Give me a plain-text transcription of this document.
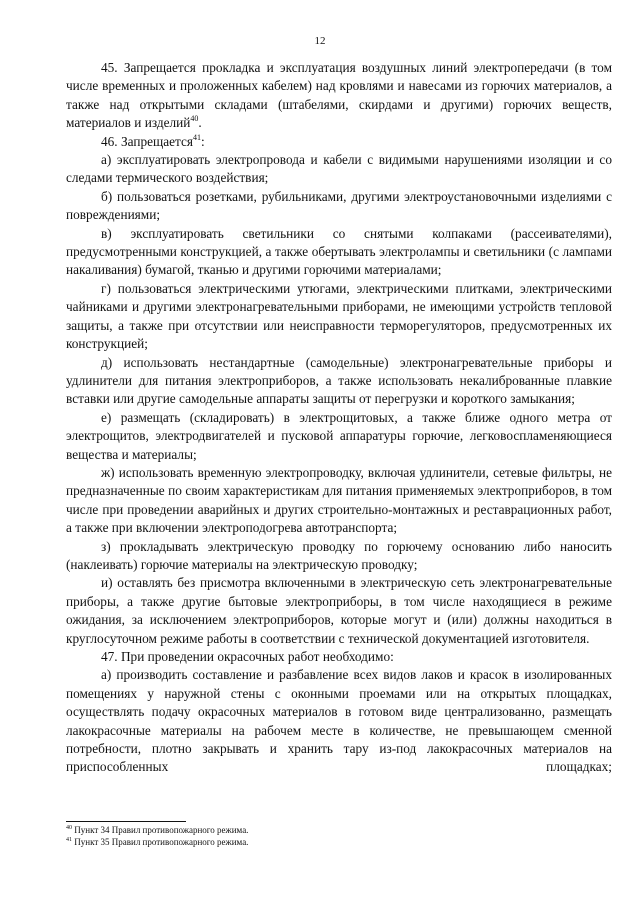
12

45. Запрещается прокладка и эксплуатация воздушных линий электропередачи (в том числе временных и проложенных кабелем) над кровлями и навесами из горючих материалов, а также над открытыми складами (штабелями, скирдами и другими) горючих веществ, материалов и изделий$^{40}$.

46. Запрещается$^{41}$:

а) эксплуатировать электропровода и кабели с видимыми нарушениями изоляции и со следами термического воздействия;

б) пользоваться розетками, рубильниками, другими электроустановочными изделиями с повреждениями;

в) эксплуатировать светильники со снятыми колпаками (рассеивателями), предусмотренными конструкцией, а также обертывать электролампы и светильники (с лампами накаливания) бумагой, тканью и другими горючими материалами;

г) пользоваться электрическими утюгами, электрическими плитками, электрическими чайниками и другими электронагревательными приборами, не имеющими устройств тепловой защиты, а также при отсутствии или неисправности терморегуляторов, предусмотренных их конструкцией;

д) использовать нестандартные (самодельные) электронагревательные приборы и удлинители для питания электроприборов, а также использовать некалиброванные плавкие вставки или другие самодельные аппараты защиты от перегрузки и короткого замыкания;

е) размещать (складировать) в электрощитовых, а также ближе одного метра от электрощитов, электродвигателей и пусковой аппаратуры горючие, легковоспламеняющиеся вещества и материалы;

ж) использовать временную электропроводку, включая удлинители, сетевые фильтры, не предназначенные по своим характеристикам для питания применяемых электроприборов, в том числе при проведении аварийных и других строительно-монтажных и реставрационных работ, а также при включении электроподогрева автотранспорта;

з) прокладывать электрическую проводку по горючему основанию либо наносить (наклеивать) горючие материалы на электрическую проводку;

и) оставлять без присмотра включенными в электрическую сеть электронагревательные приборы, а также другие бытовые электроприборы, в том числе находящиеся в режиме ожидания, за исключением электроприборов, которые могут и (или) должны находиться в круглосуточном режиме работы в соответствии с технической документацией изготовителя.

47. При проведении окрасочных работ необходимо:

а) производить составление и разбавление всех видов лаков и красок в изолированных помещениях у наружной стены с оконными проемами или на открытых площадках, осуществлять подачу окрасочных материалов в готовом виде централизованно, размещать лакокрасочные материалы на рабочем месте в количестве, не превышающем сменной потребности, плотно закрывать и хранить тару из-под лакокрасочных материалов на приспособленных площадках;

$^{40}$ Пункт 34 Правил противопожарного режима.

$^{41}$ Пункт 35 Правил противопожарного режима.
